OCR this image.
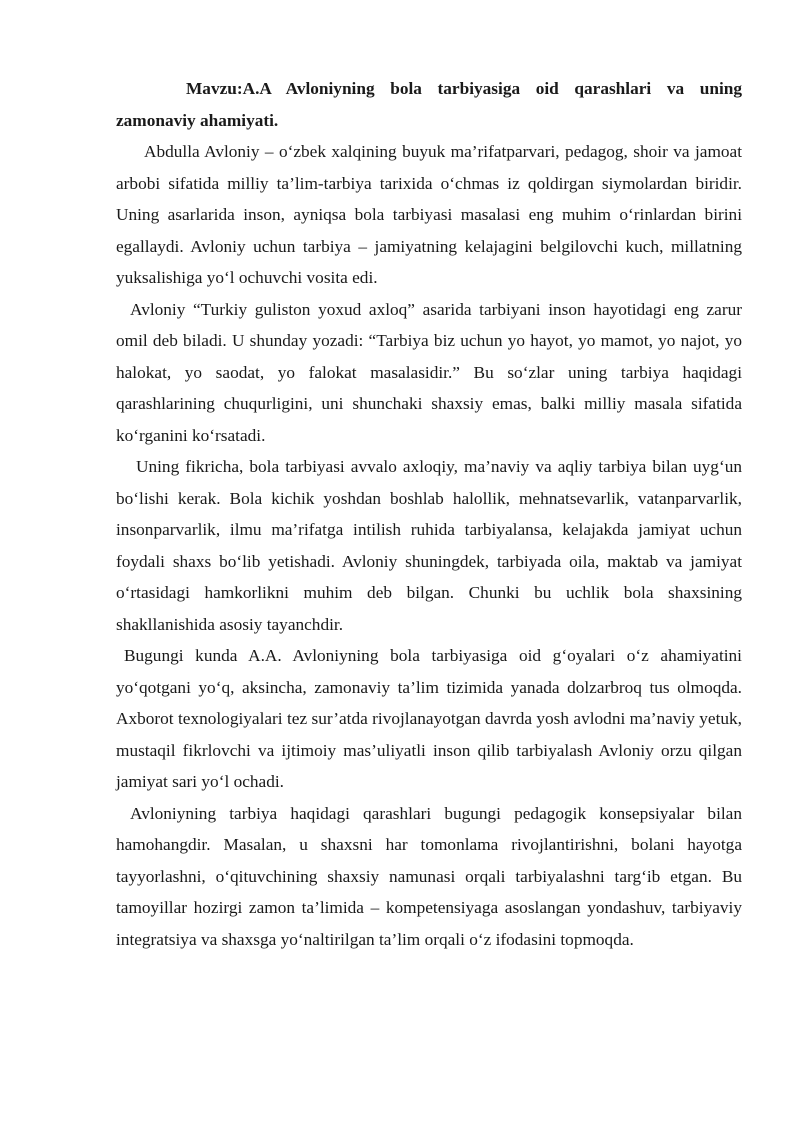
Mavzu:A.A Avloniyning bola tarbiyasiga oid qarashlari va uning zamonaviy ahamiyati.

Abdulla Avloniy – o‘zbek xalqining buyuk ma’rifatparvari, pedagog, shoir va jamoat arbobi sifatida milliy ta’lim-tarbiya tarixida o‘chmas iz qoldirgan siymolardan biridir. Uning asarlarida inson, ayniqsa bola tarbiyasi masalasi eng muhim o‘rinlardan birini egallaydi. Avloniy uchun tarbiya – jamiyatning kelajagini belgilovchi kuch, millatning yuksalishiga yo‘l ochuvchi vosita edi.

Avloniy “Turkiy guliston yoxud axloq” asarida tarbiyani inson hayotidagi eng zarur omil deb biladi. U shunday yozadi: “Tarbiya biz uchun yo hayot, yo mamot, yo najot, yo halokat, yo saodat, yo falokat masalasidir.” Bu so‘zlar uning tarbiya haqidagi qarashlarining chuqurligini, uni shunchaki shaxsiy emas, balki milliy masala sifatida ko‘rganini ko‘rsatadi.

Uning fikricha, bola tarbiyasi avvalo axloqiy, ma’naviy va aqliy tarbiya bilan uyg‘un bo‘lishi kerak. Bola kichik yoshdan boshlab halollik, mehnatsevarlik, vatanparvarlik, insonparvarlik, ilmu ma’rifatga intilish ruhida tarbiyalansa, kelajakda jamiyat uchun foydali shaxs bo‘lib yetishadi. Avloniy shuningdek, tarbiyada oila, maktab va jamiyat o‘rtasidagi hamkorlikni muhim deb bilgan. Chunki bu uchlik bola shaxsining shakllanishida asosiy tayanchdir.

Bugungi kunda A.A. Avloniyning bola tarbiyasiga oid g‘oyalari o‘z ahamiyatini yo‘qotgani yo‘q, aksincha, zamonaviy ta’lim tizimida yanada dolzarbroq tus olmoqda. Axborot texnologiyalari tez sur’atda rivojlanayotgan davrda yosh avlodni ma’naviy yetuk, mustaqil fikrlovchi va ijtimoiy mas’uliyatli inson qilib tarbiyalash Avloniy orzu qilgan jamiyat sari yo‘l ochadi.

Avloniyning tarbiya haqidagi qarashlari bugungi pedagogik konsepsiyalar bilan hamohangdir. Masalan, u shaxsni har tomonlama rivojlantirishni, bolani hayotga tayyorlashni, o‘qituvchining shaxsiy namunasi orqali tarbiyalashni targ‘ib etgan. Bu tamoyillar hozirgi zamon ta’limida – kompetensiyaga asoslangan yondashuv, tarbiyaviy integratsiya va shaxsga yo‘naltirilgan ta’lim orqali o‘z ifodasini topmoqda.
